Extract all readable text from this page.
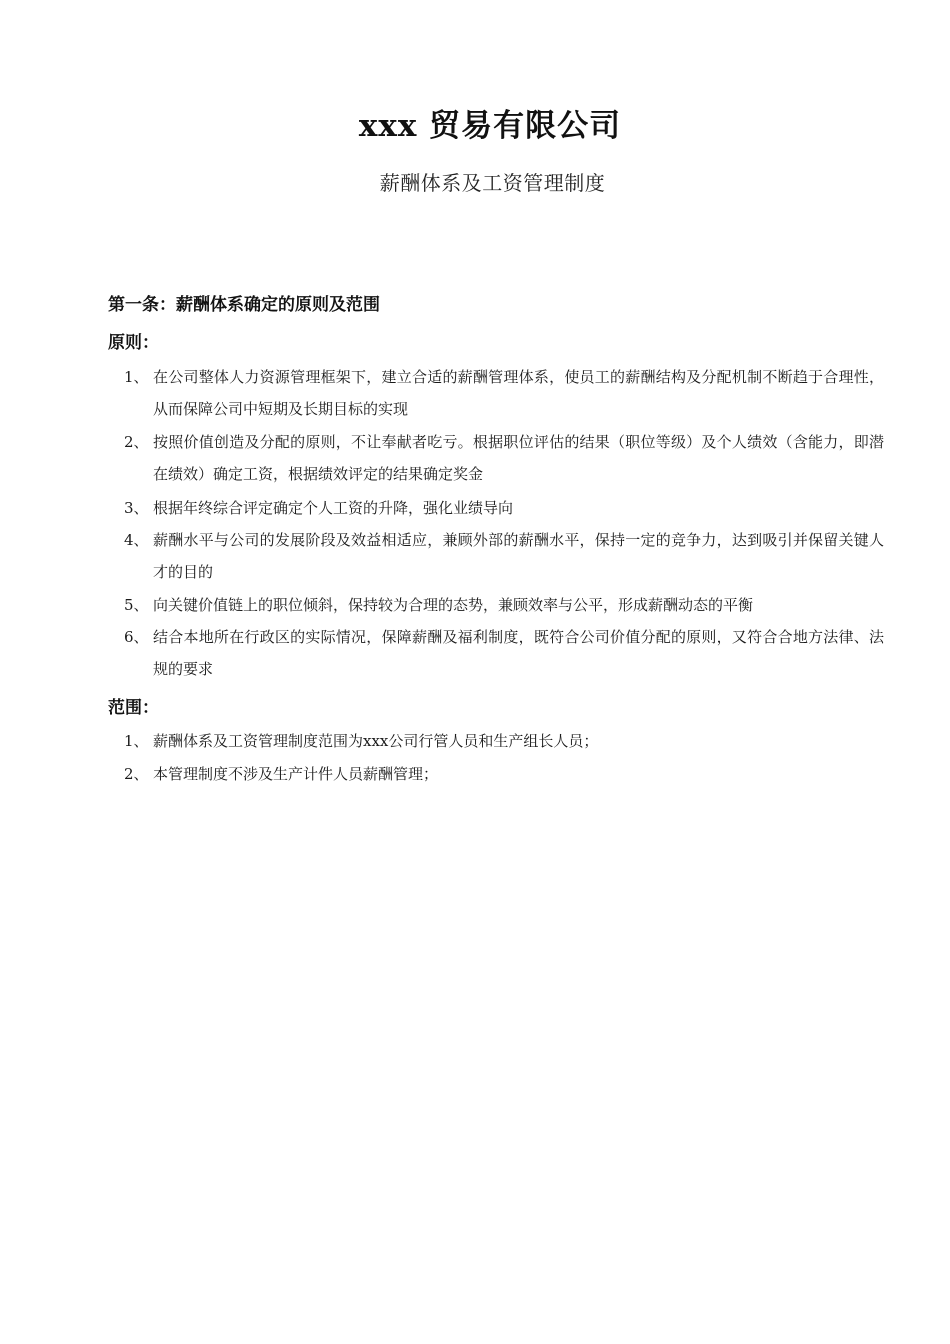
xxx 贸易有限公司
薪酬体系及工资管理制度
第一条：薪酬体系确定的原则及范围
原则：
1、 在公司整体人力资源管理框架下，建立合适的薪酬管理体系，使员工的薪酬结构及分配机制不断趋于合理性，从而保障公司中短期及长期目标的实现
2、 按照价值创造及分配的原则，不让奉献者吃亏。根据职位评估的结果（职位等级）及个人绩效（含能力，即潜在绩效）确定工资，根据绩效评定的结果确定奖金
3、 根据年终综合评定确定个人工资的升降，强化业绩导向
4、 薪酬水平与公司的发展阶段及效益相适应，兼顾外部的薪酬水平，保持一定的竞争力，达到吸引并保留关键人才的目的
5、 向关键价值链上的职位倾斜，保持较为合理的态势，兼顾效率与公平，形成薪酬动态的平衡
6、 结合本地所在行政区的实际情况，保障薪酬及福利制度，既符合公司价值分配的原则，又符合合地方法律、法规的要求
范围：
1、 薪酬体系及工资管理制度范围为xxx公司行管人员和生产组长人员；
2、 本管理制度不涉及生产计件人员薪酬管理；
